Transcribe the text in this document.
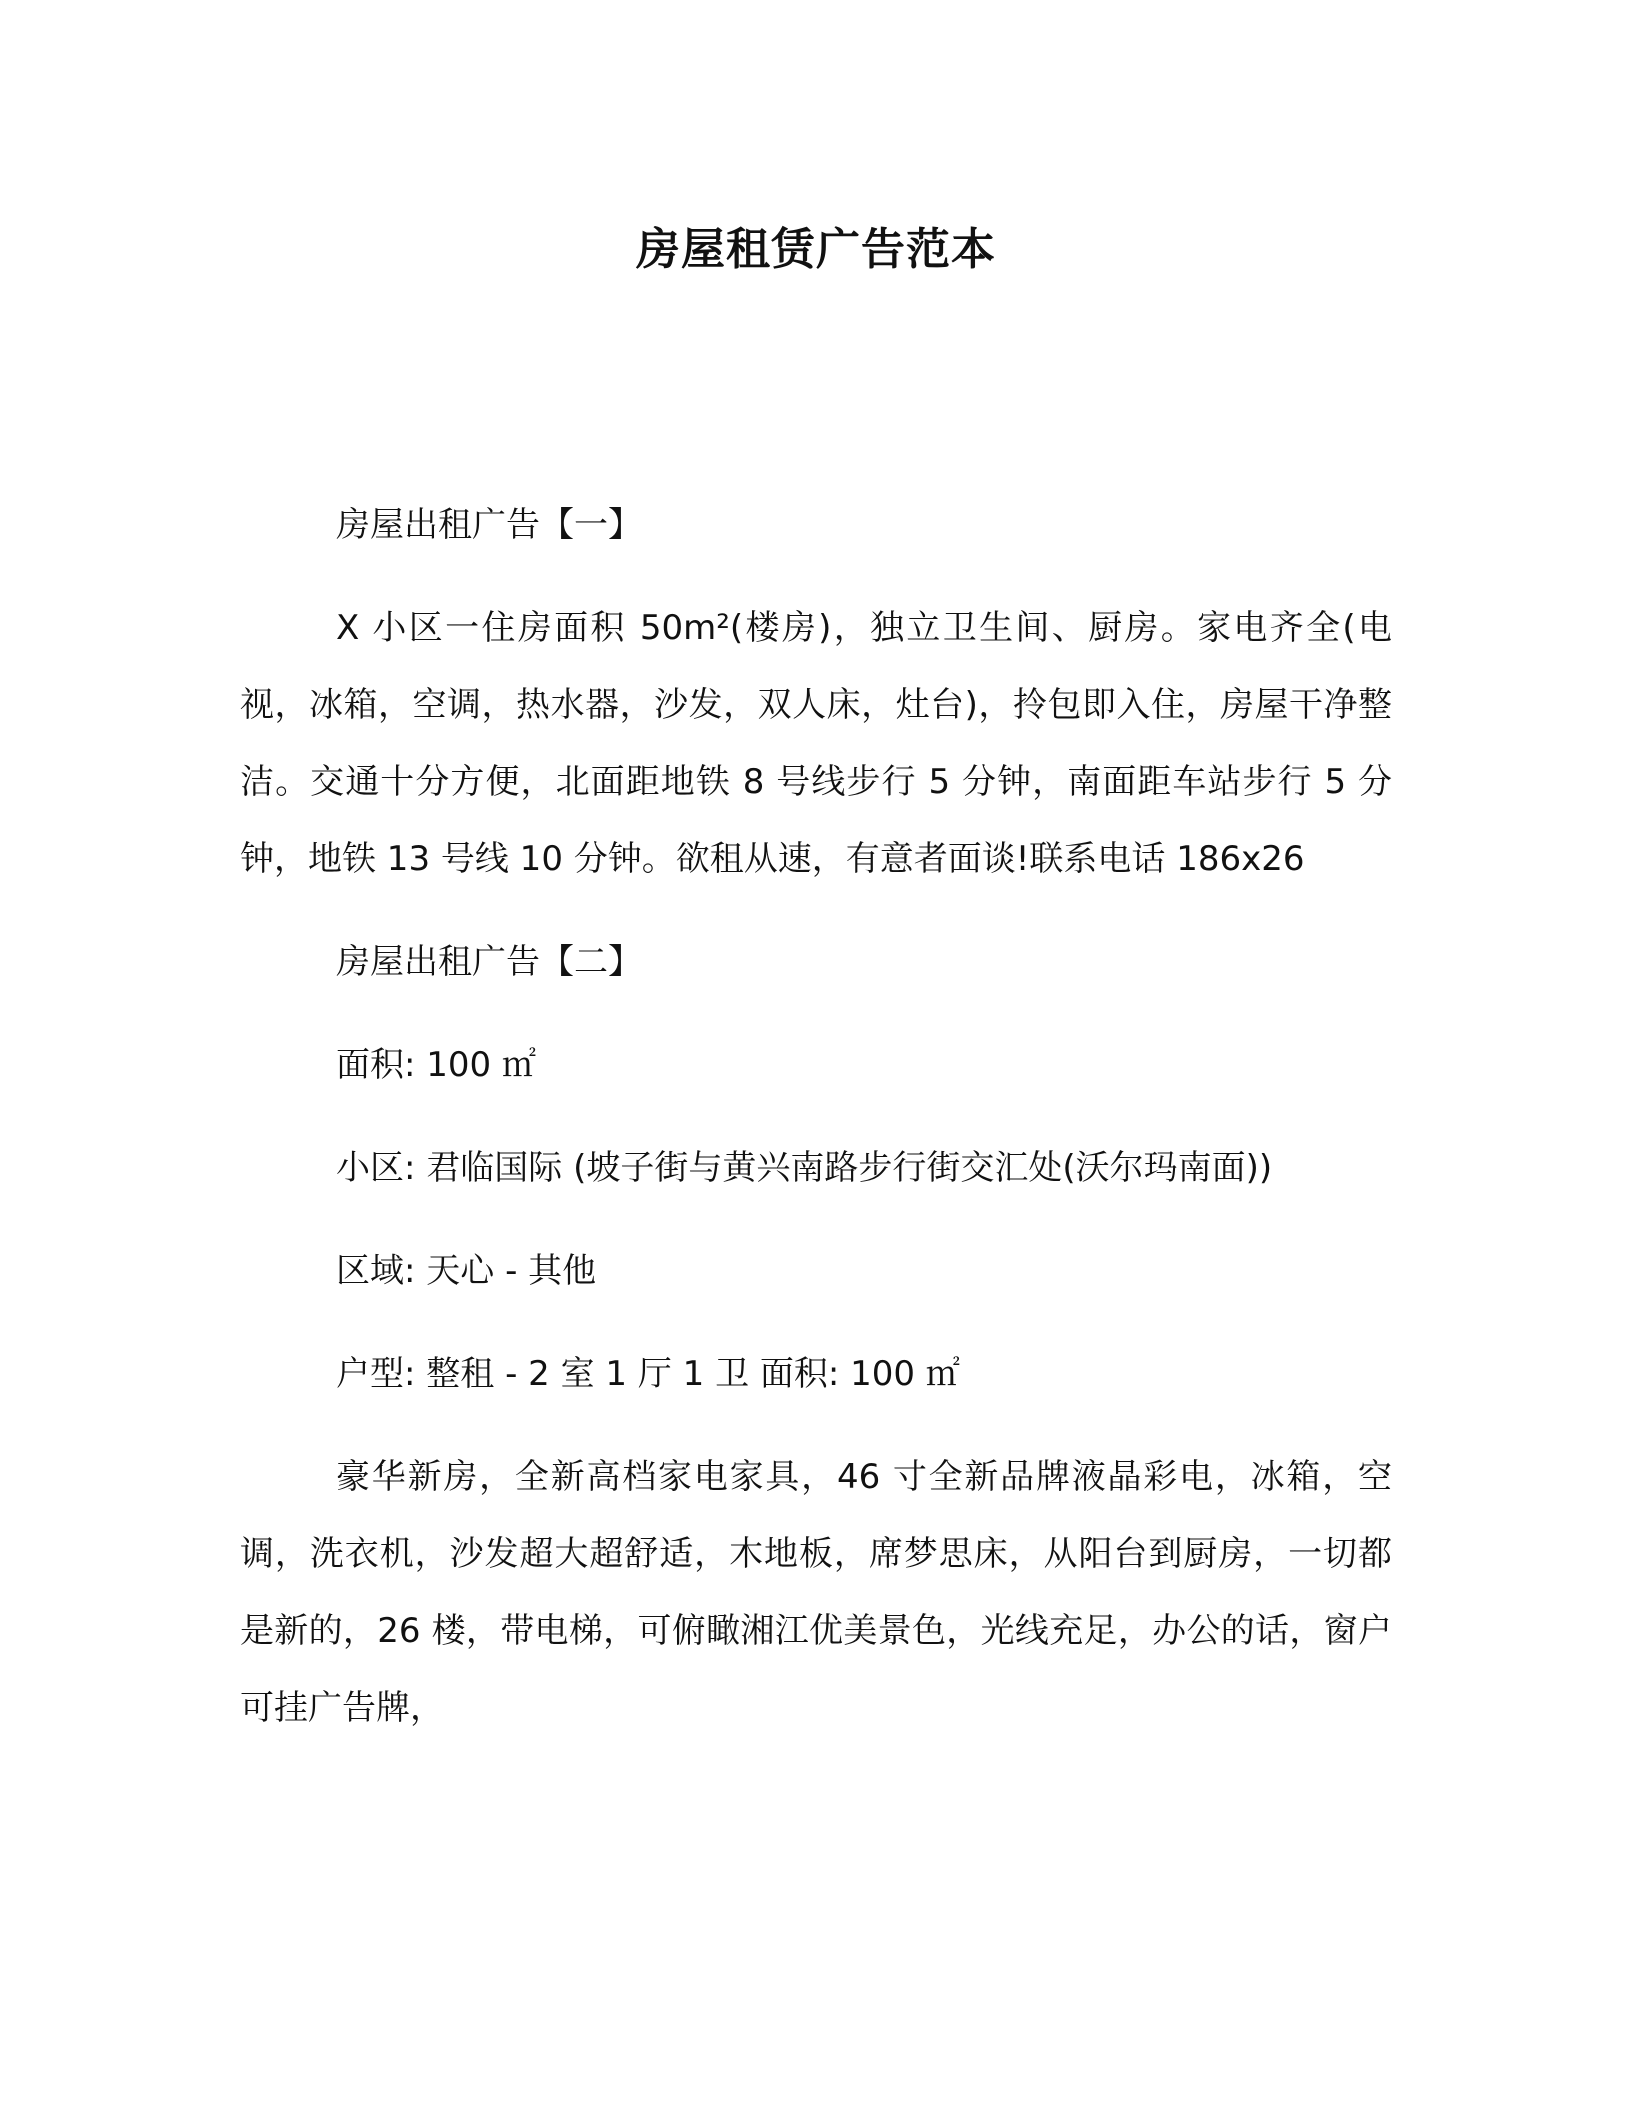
房屋租赁广告范本
房屋出租广告【一】
X 小区一住房面积 50m²(楼房)，独立卫生间、厨房。家电齐全(电视，冰箱，空调，热水器，沙发，双人床，灶台)，拎包即入住，房屋干净整洁。交通十分方便，北面距地铁 8 号线步行 5 分钟，南面距车站步行 5 分钟，地铁 13 号线 10 分钟。欲租从速，有意者面谈!联系电话 186x26
房屋出租广告【二】
面积: 100 ㎡
小区: 君临国际 (坡子街与黄兴南路步行街交汇处(沃尔玛南面))
区域: 天心 - 其他
户型: 整租 - 2 室 1 厅 1 卫 面积: 100 ㎡
豪华新房，全新高档家电家具，46 寸全新品牌液晶彩电，冰箱，空调，洗衣机，沙发超大超舒适，木地板，席梦思床，从阳台到厨房，一切都是新的，26 楼，带电梯，可俯瞰湘江优美景色，光线充足，办公的话，窗户可挂广告牌，
